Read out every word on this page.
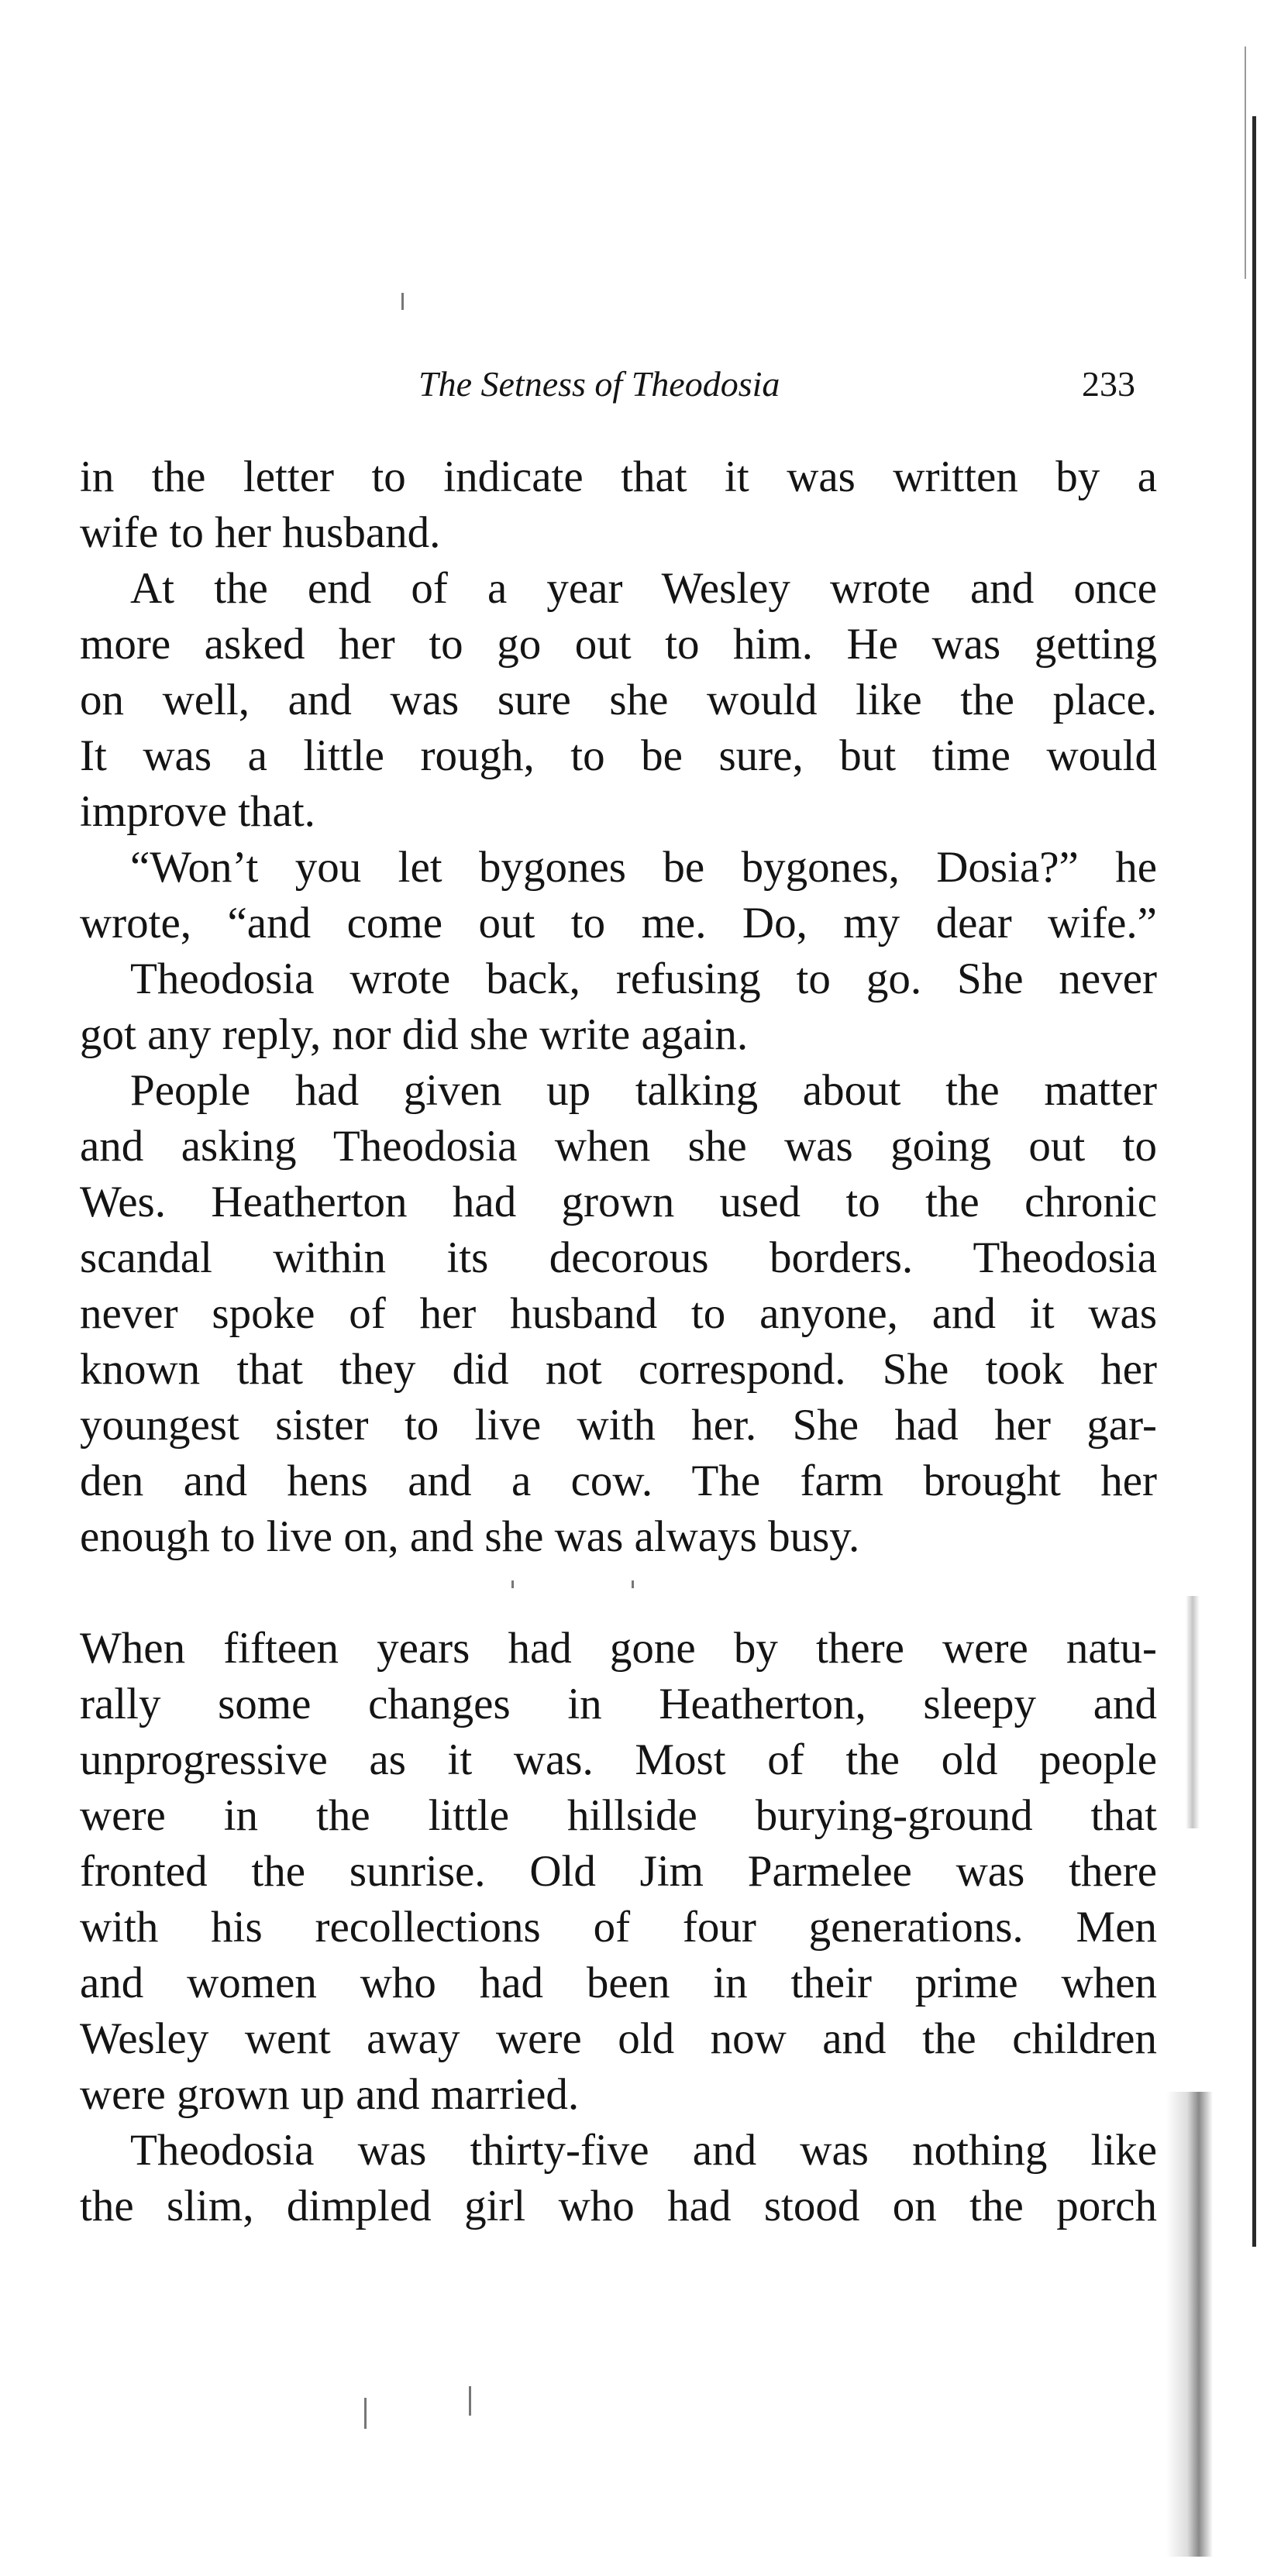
The Setness of Theodosia	233
in the letter to indicate that it was written by a
wife to her husband.
At the end of a year Wesley wrote and once
more asked her to go out to him. He was getting
on well, and was sure she would like the place.
It was a little rough, to be sure, but time would
improve that.
“Won’t you let bygones be bygones, Dosia?” he
wrote, “and come out to me. Do, my dear wife.”
Theodosia wrote back, refusing to go. She never
got any reply, nor did she write again.
People had given up talking about the matter
and asking Theodosia when she was going out to
Wes. Heatherton had grown used to the chronic
scandal within its decorous borders. Theodosia
never spoke of her husband to anyone, and it was
known that they did not correspond. She took her
youngest sister to live with her. She had her gar-
den and hens and a cow. The farm brought her
enough to live on, and she was always busy.
When fifteen years had gone by there were natu-
rally some changes in Heatherton, sleepy and
unprogressive as it was. Most of the old people
were in the little hillside burying-ground that
fronted the sunrise. Old Jim Parmelee was there
with his recollections of four generations. Men
and women who had been in their prime when
Wesley went away were old now and the children
were grown up and married.
Theodosia was thirty-five and was nothing like
the slim, dimpled girl who had stood on the porch
